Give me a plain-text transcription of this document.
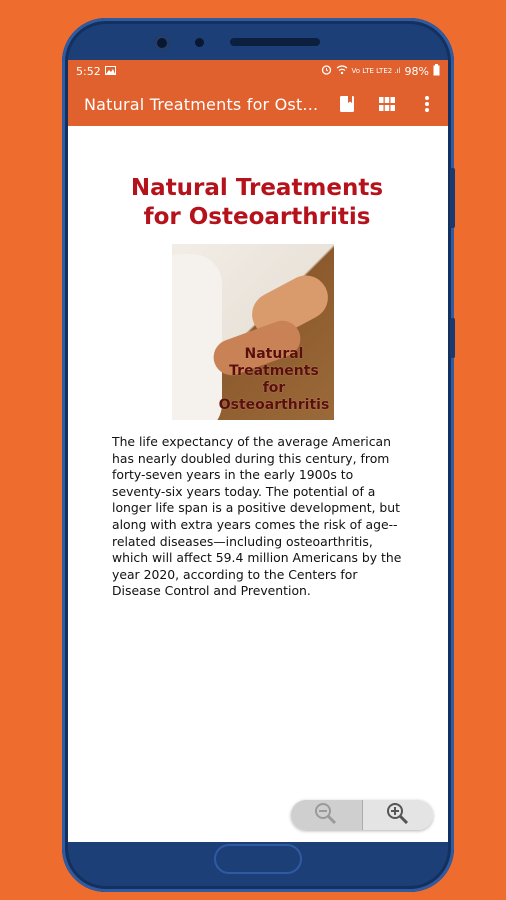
5:52	Vo LTE LTE2 .ıl 98%
Natural Treatments for Ost...
Natural Treatments
for Osteoarthritis
Natural
Treatments
for Osteoarthritis

The life expectancy of the average American has nearly doubled during this century, from forty-seven years in the early 1900s to seventy-six years today. The potential of a longer life span is a positive development, but along with extra years comes the risk of age--related diseases—including osteoarthritis, which will affect 59.4 million Americans by the year 2020, according to the Centers for Disease Control and Prevention.
